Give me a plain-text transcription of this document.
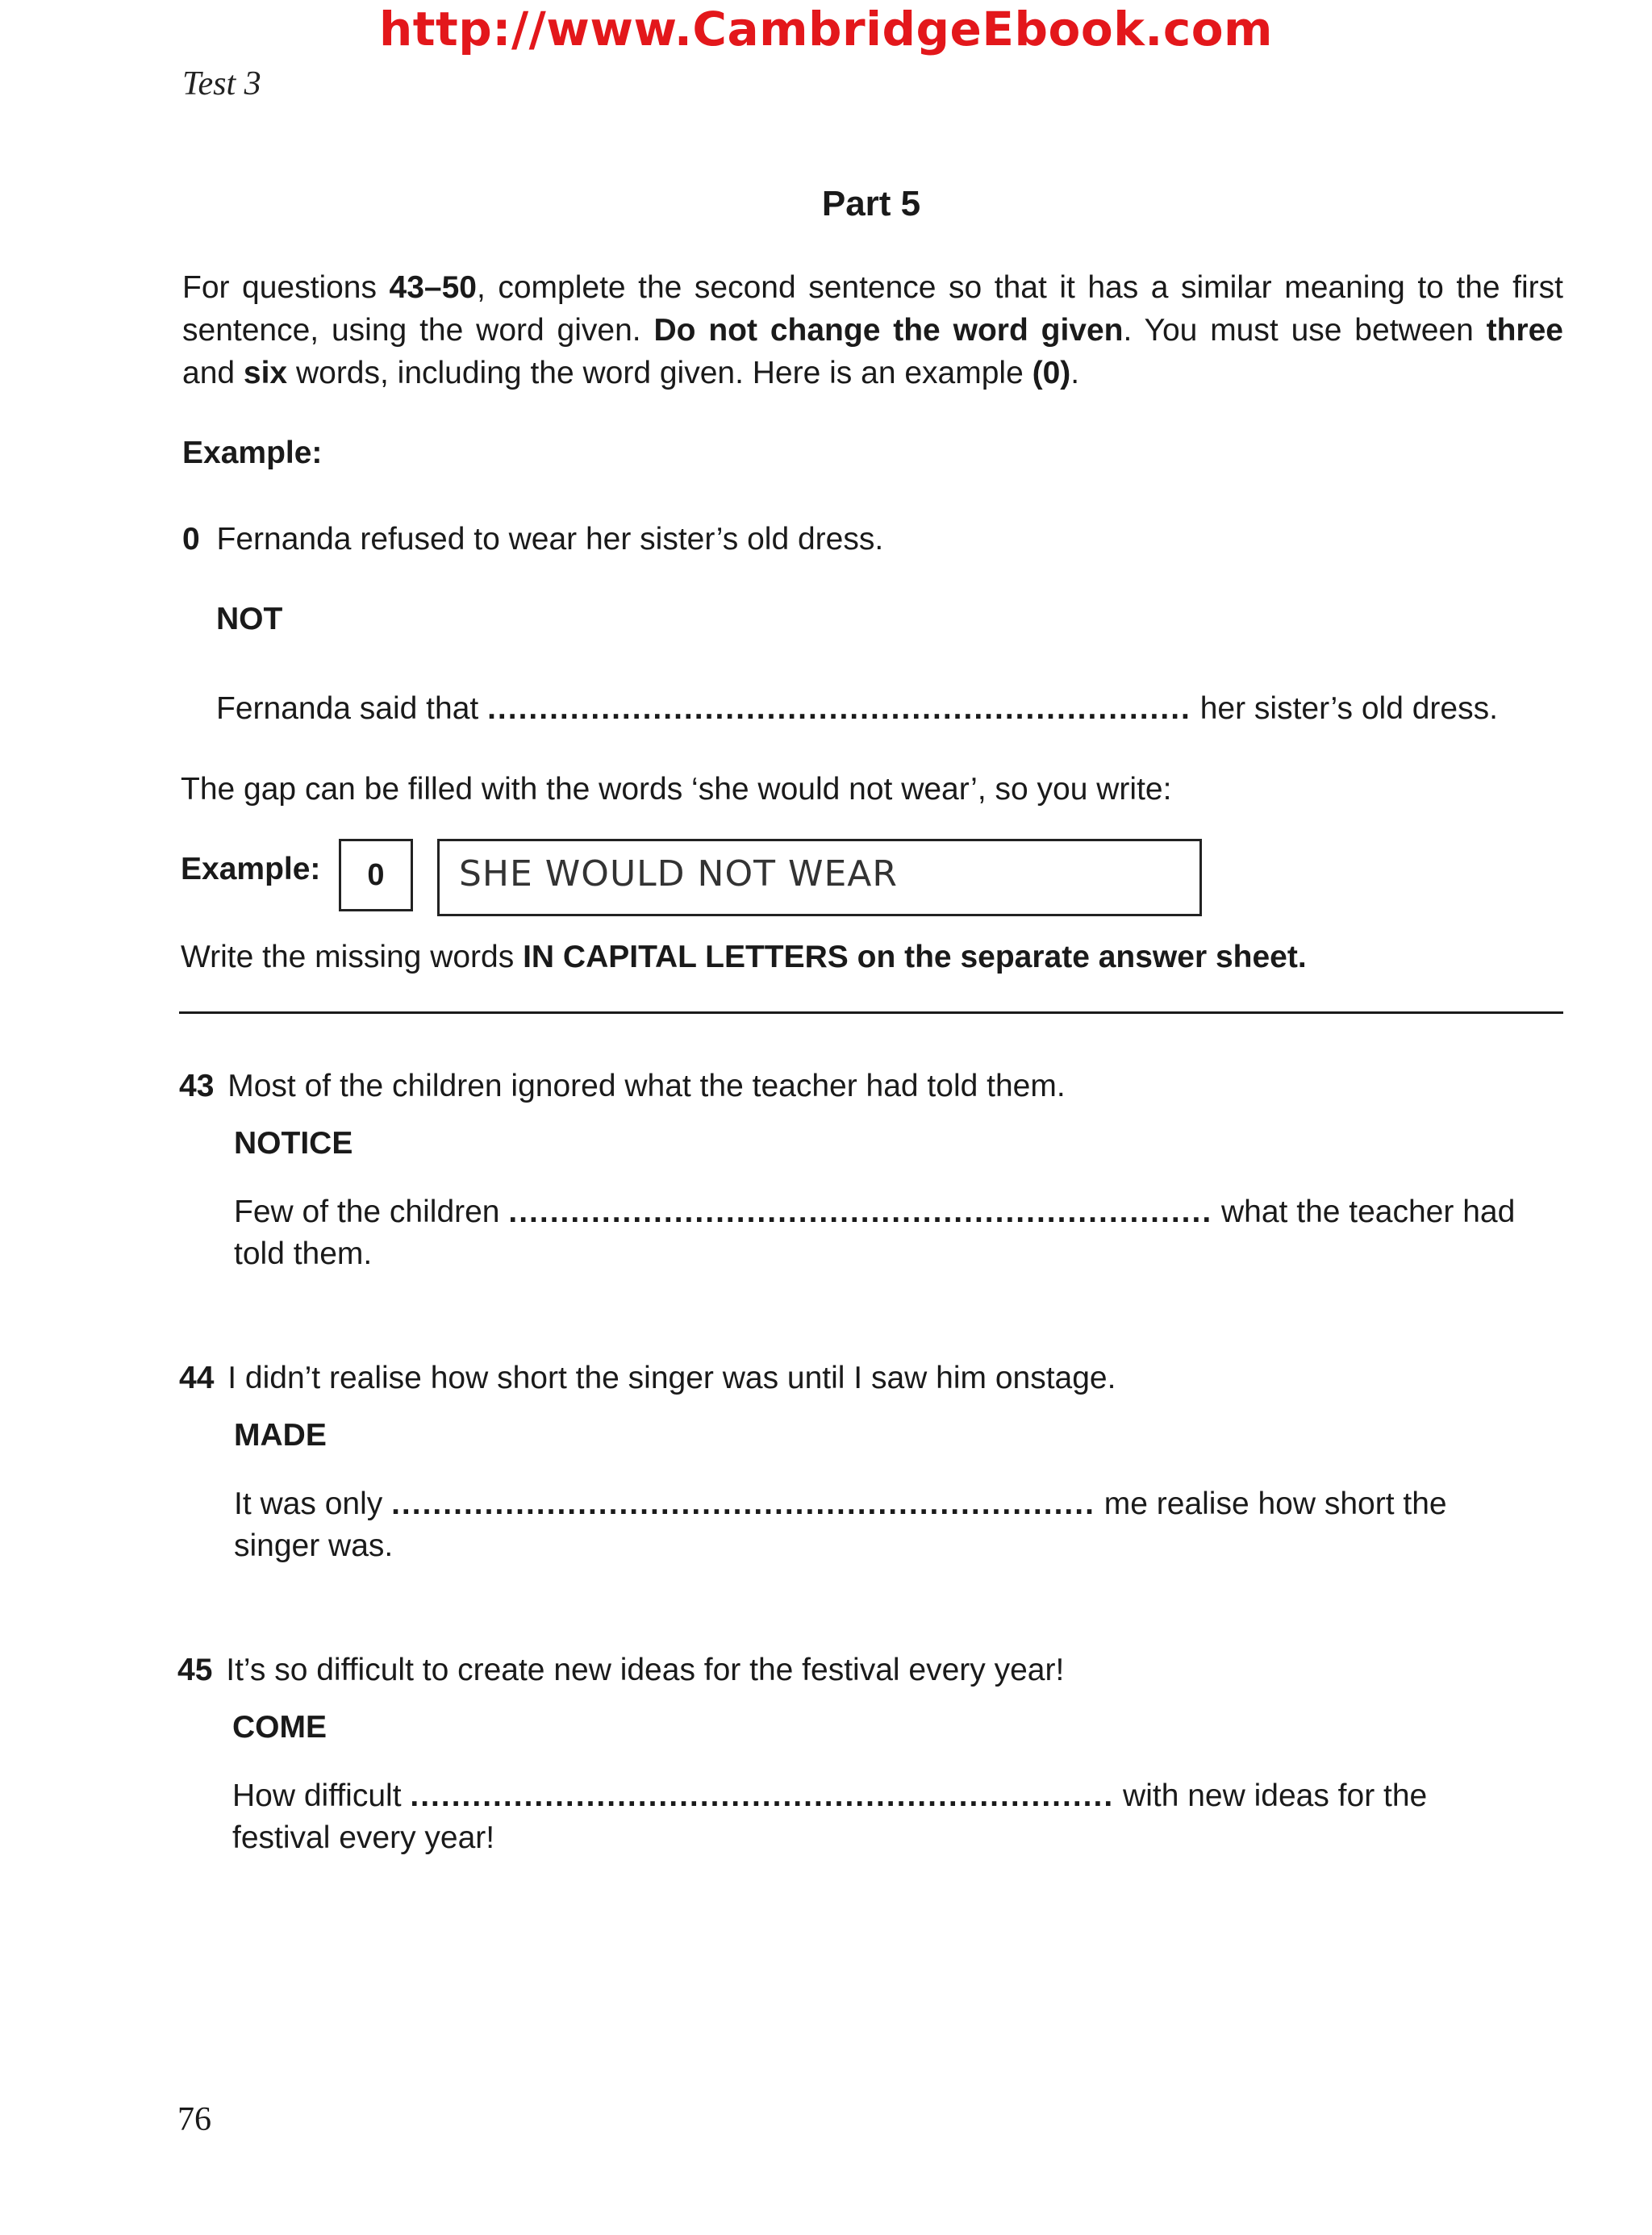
http://www.CambridgeEbook.com
Test 3
Part 5
For questions 43–50, complete the second sentence so that it has a similar meaning to the first sentence, using the word given. Do not change the word given. You must use between three and six words, including the word given. Here is an example (0).
Example:
0 Fernanda refused to wear her sister’s old dress.
NOT
Fernanda said that .................................................................... her sister’s old dress.
The gap can be filled with the words ‘she would not wear’, so you write:
Example:	0	SHE WOULD NOT WEAR
Write the missing words IN CAPITAL LETTERS on the separate answer sheet.
43 Most of the children ignored what the teacher had told them.
NOTICE
Few of the children .................................................................... what the teacher had
told them.
44 I didn’t realise how short the singer was until I saw him onstage.
MADE
It was only .................................................................... me realise how short the
singer was.
45 It’s so difficult to create new ideas for the festival every year!
COME
How difficult .................................................................... with new ideas for the
festival every year!
76
